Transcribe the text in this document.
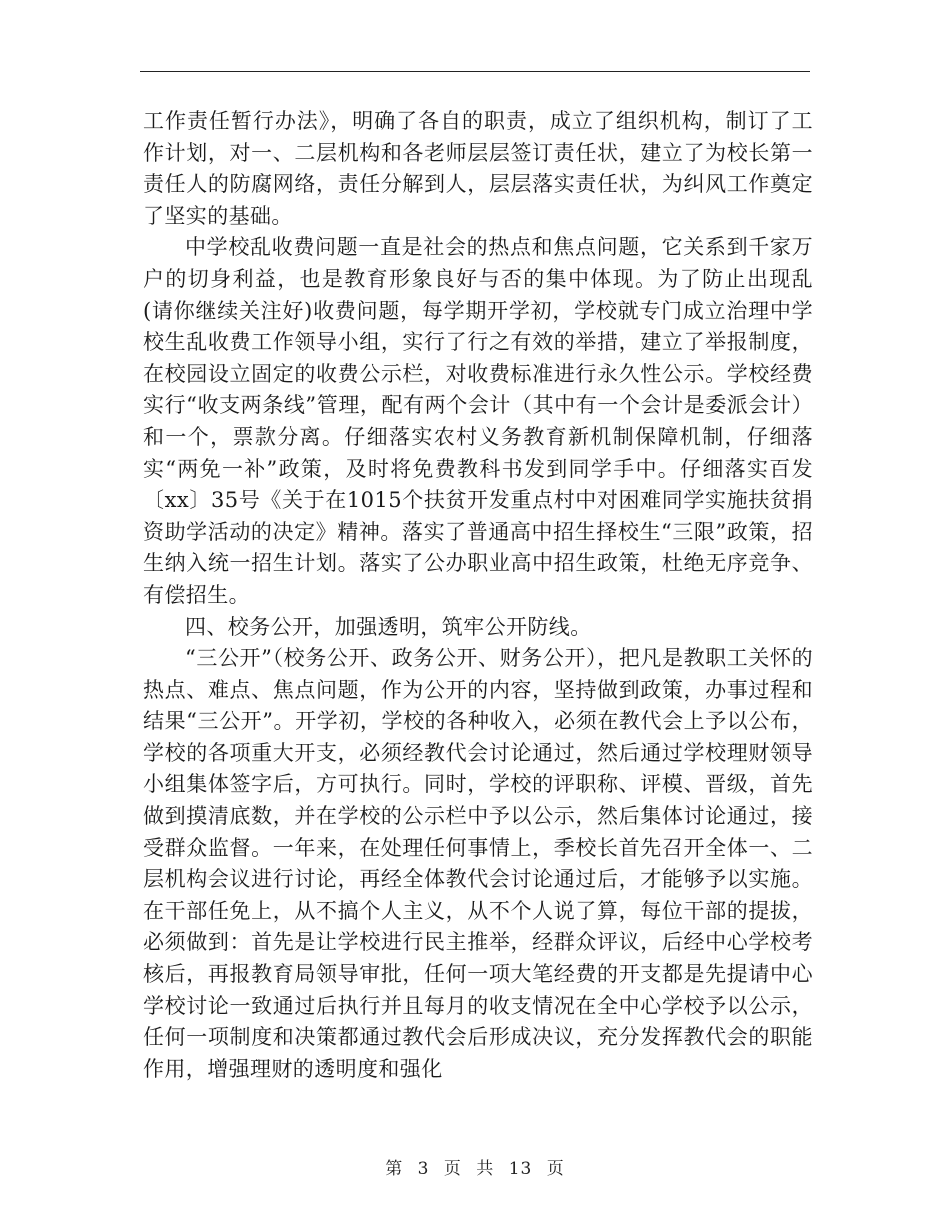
工作责任暂行办法》，明确了各自的职责，成立了组织机构，制订了工作计划，对一、二层机构和各老师层层签订责任状，建立了为校长第一责任人的防腐网络，责任分解到人，层层落实责任状，为纠风工作奠定了坚实的基础。

中学校乱收费问题一直是社会的热点和焦点问题，它关系到千家万户的切身利益，也是教育形象良好与否的集中体现。为了防止出现乱(请你继续关注好)收费问题，每学期开学初，学校就专门成立治理中学校生乱收费工作领导小组，实行了行之有效的举措，建立了举报制度，在校园设立固定的收费公示栏，对收费标准进行永久性公示。学校经费实行“收支两条线”管理，配有两个会计（其中有一个会计是委派会计）和一个，票款分离。仔细落实农村义务教育新机制保障机制，仔细落实“两免一补”政策，及时将免费教科书发到同学手中。仔细落实百发〔xx〕35号《关于在1015个扶贫开发重点村中对困难同学实施扶贫捐资助学活动的决定》精神。落实了普通高中招生择校生“三限”政策，招生纳入统一招生计划。落实了公办职业高中招生政策，杜绝无序竞争、有偿招生。

四、校务公开，加强透明，筑牢公开防线。

“三公开”（校务公开、政务公开、财务公开），把凡是教职工关怀的热点、难点、焦点问题，作为公开的内容，坚持做到政策，办事过程和结果“三公开”。开学初，学校的各种收入，必须在教代会上予以公布，学校的各项重大开支，必须经教代会讨论通过，然后通过学校理财领导小组集体签字后，方可执行。同时，学校的评职称、评模、晋级，首先做到摸清底数，并在学校的公示栏中予以公示，然后集体讨论通过，接受群众监督。一年来，在处理任何事情上，季校长首先召开全体一、二层机构会议进行讨论，再经全体教代会讨论通过后，才能够予以实施。在干部任免上，从不搞个人主义，从不个人说了算，每位干部的提拔，必须做到：首先是让学校进行民主推举，经群众评议，后经中心学校考核后，再报教育局领导审批，任何一项大笔经费的开支都是先提请中心学校讨论一致通过后执行并且每月的收支情况在全中心学校予以公示，任何一项制度和决策都通过教代会后形成决议，充分发挥教代会的职能作用，增强理财的透明度和强化

第 3 页 共 13 页
